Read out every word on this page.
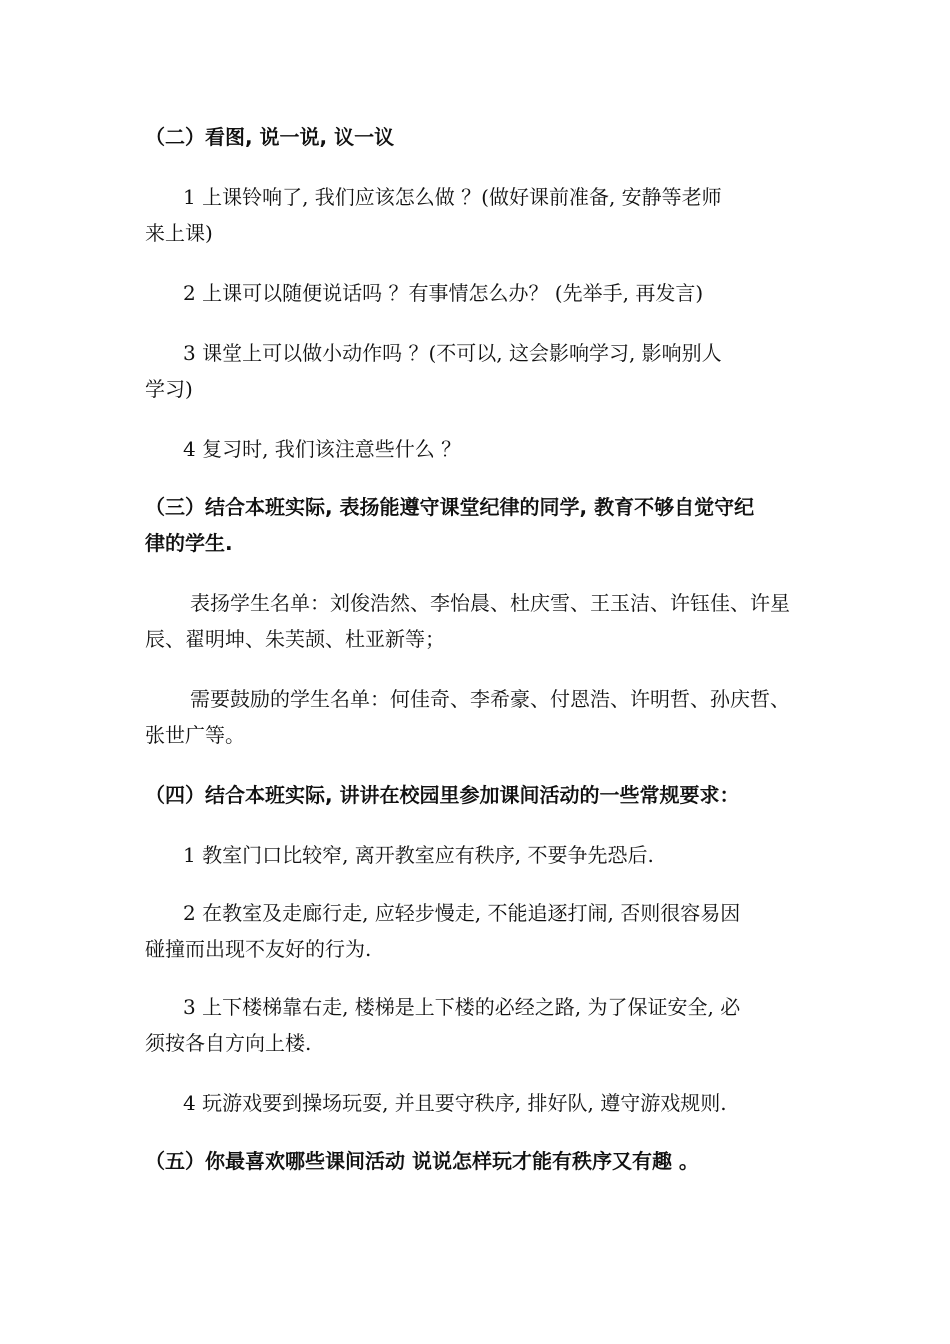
（二）看图, 说一说, 议一议

1 上课铃响了, 我们应该怎么做 ？(做好课前准备, 安静等老师

来上课)

2 上课可以随便说话吗 ？有事情怎么办？ (先举手, 再发言)

3 课堂上可以做小动作吗 ？(不可以, 这会影响学习, 影响别人

学习)

4 复习时, 我们该注意些什么 ？

（三）结合本班实际, 表扬能遵守课堂纪律的同学, 教育不够自觉守纪

律的学生.

表扬学生名单：刘俊浩然、李怡晨、杜庆雪、王玉洁、许钰佳、许星

辰、翟明坤、朱芙颉、杜亚新等；

需要鼓励的学生名单：何佳奇、李希豪、付恩浩、许明哲、孙庆哲、

张世广等。

（四）结合本班实际, 讲讲在校园里参加课间活动的一些常规要求：

1 教室门口比较窄, 离开教室应有秩序, 不要争先恐后.

2 在教室及走廊行走, 应轻步慢走, 不能追逐打闹, 否则很容易因

碰撞而出现不友好的行为.

3 上下楼梯靠右走, 楼梯是上下楼的必经之路, 为了保证安全, 必

须按各自方向上楼.

4 玩游戏要到操场玩耍, 并且要守秩序, 排好队, 遵守游戏规则.

（五）你最喜欢哪些课间活动 说说怎样玩才能有秩序又有趣 。
